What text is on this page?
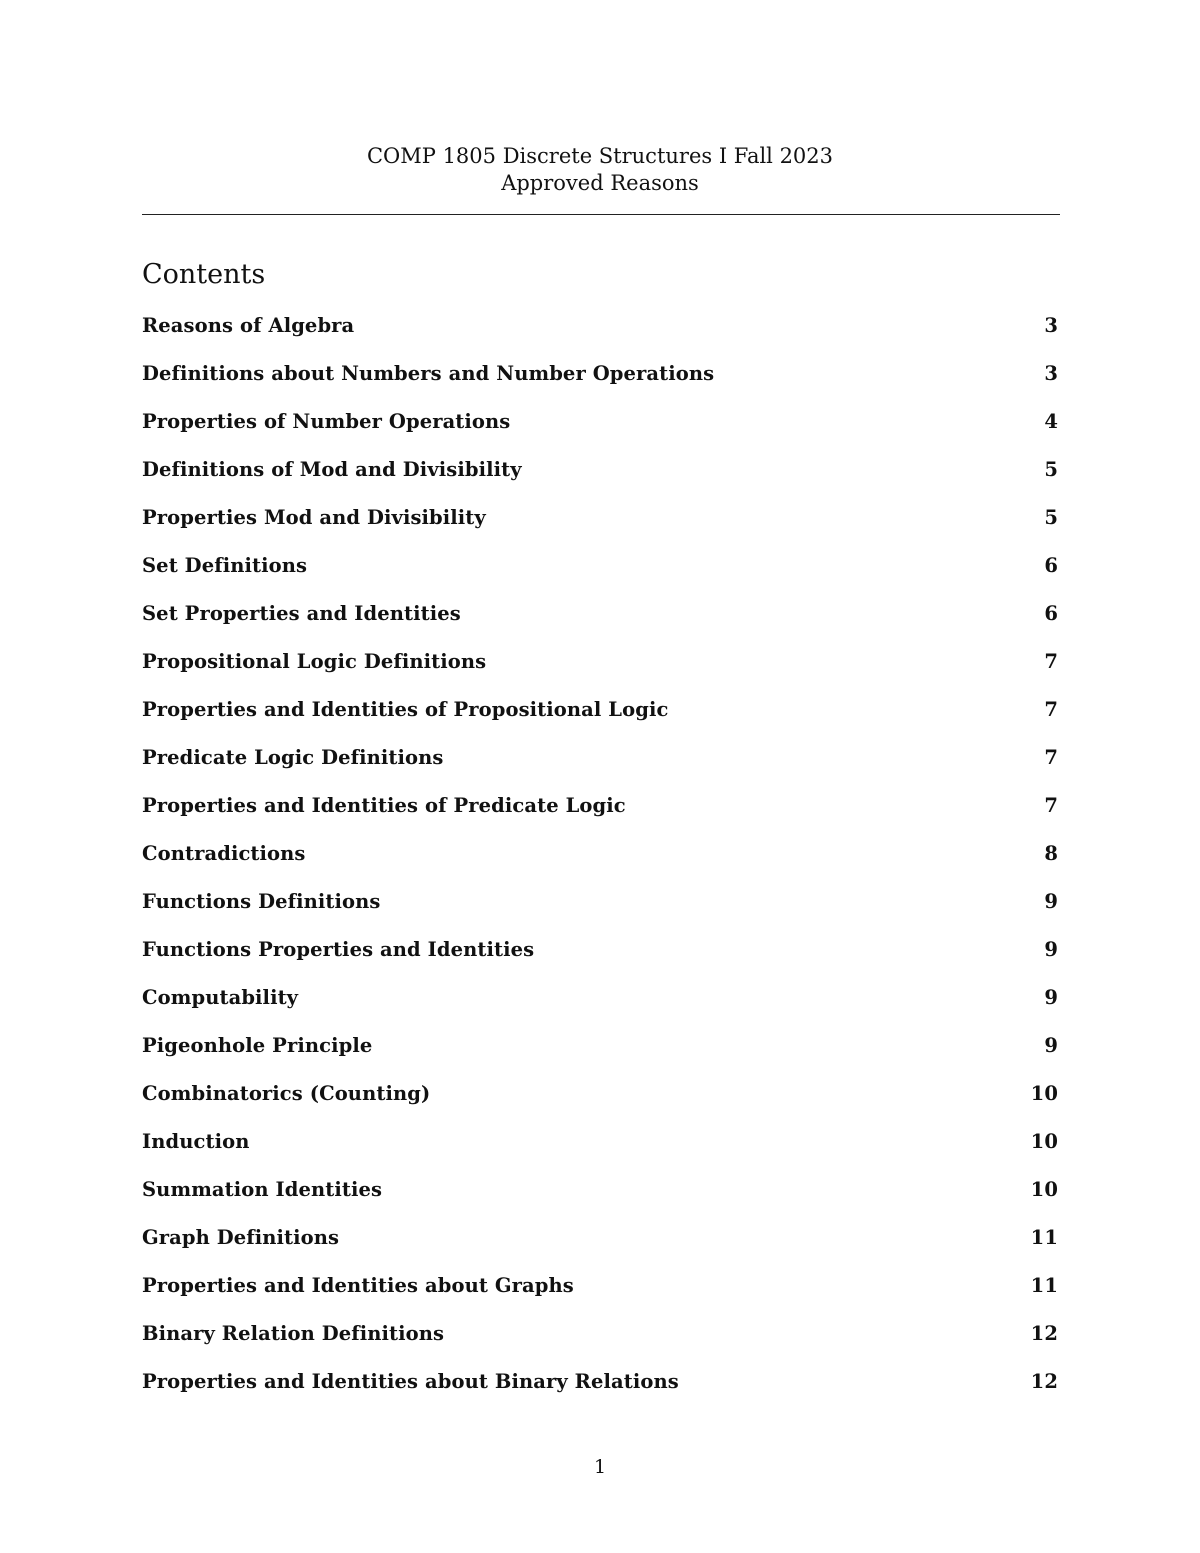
COMP 1805 Discrete Structures I Fall 2023
Approved Reasons
Contents
Reasons of Algebra	3
Definitions about Numbers and Number Operations	3
Properties of Number Operations	4
Definitions of Mod and Divisibility	5
Properties Mod and Divisibility	5
Set Definitions	6
Set Properties and Identities	6
Propositional Logic Definitions	7
Properties and Identities of Propositional Logic	7
Predicate Logic Definitions	7
Properties and Identities of Predicate Logic	7
Contradictions	8
Functions Definitions	9
Functions Properties and Identities	9
Computability	9
Pigeonhole Principle	9
Combinatorics (Counting)	10
Induction	10
Summation Identities	10
Graph Definitions	11
Properties and Identities about Graphs	11
Binary Relation Definitions	12
Properties and Identities about Binary Relations	12
1
